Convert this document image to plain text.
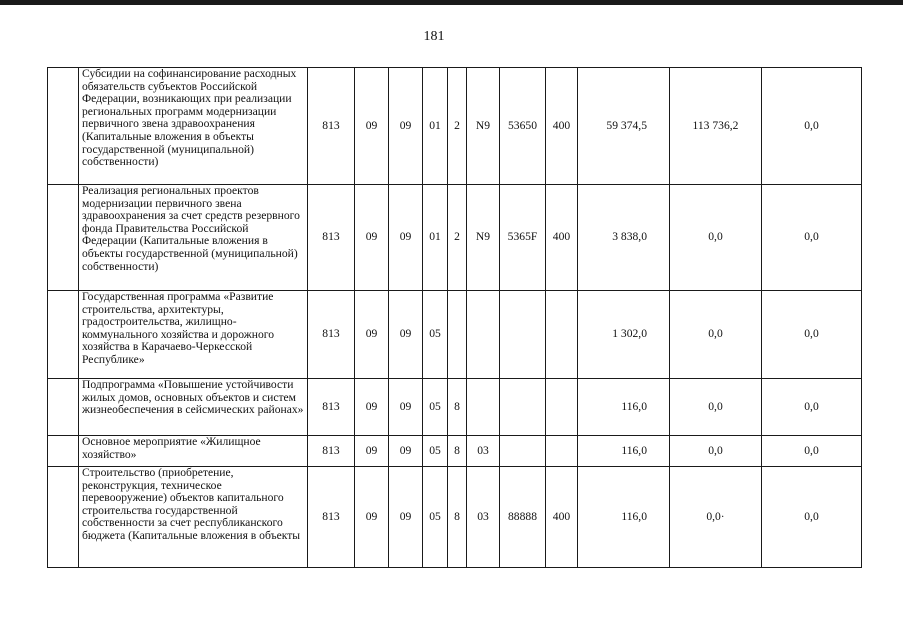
181
	Субсидии на софинансирование расходных обязательств субъектов Российской Федерации, возникающих при реализации региональных программ модернизации первичного звена здравоохранения (Капитальные вложения в объекты государственной (муниципальной) собственности)	813	09	09	01	2	N9	53650	400	59 374,5	113 736,2	0,0
	Реализация региональных проектов модернизации первичного звена здравоохранения за счет средств резервного фонда Правительства Российской Федерации (Капитальные вложения в объекты государственной (муниципальной) собственности)	813	09	09	01	2	N9	5365F	400	3 838,0	0,0	0,0
	Государственная программа «Развитие строительства, архитектуры, градостроительства, жилищно-коммунального хозяйства и дорожного хозяйства в Карачаево-Черкесской Республике»	813	09	09	05					1 302,0	0,0	0,0
	Подпрограмма «Повышение устойчивости жилых домов, основных объектов и систем жизнеобеспечения в сейсмических районах»	813	09	09	05	8				116,0	0,0	0,0
	Основное мероприятие «Жилищное хозяйство»	813	09	09	05	8	03			116,0	0,0	0,0
	Строительство (приобретение, реконструкция, техническое перевооружение) объектов капитального строительства государственной собственности за счет республиканского бюджета (Капитальные вложения в объекты	813	09	09	05	8	03	88888	400	116,0	0,0·	0,0
